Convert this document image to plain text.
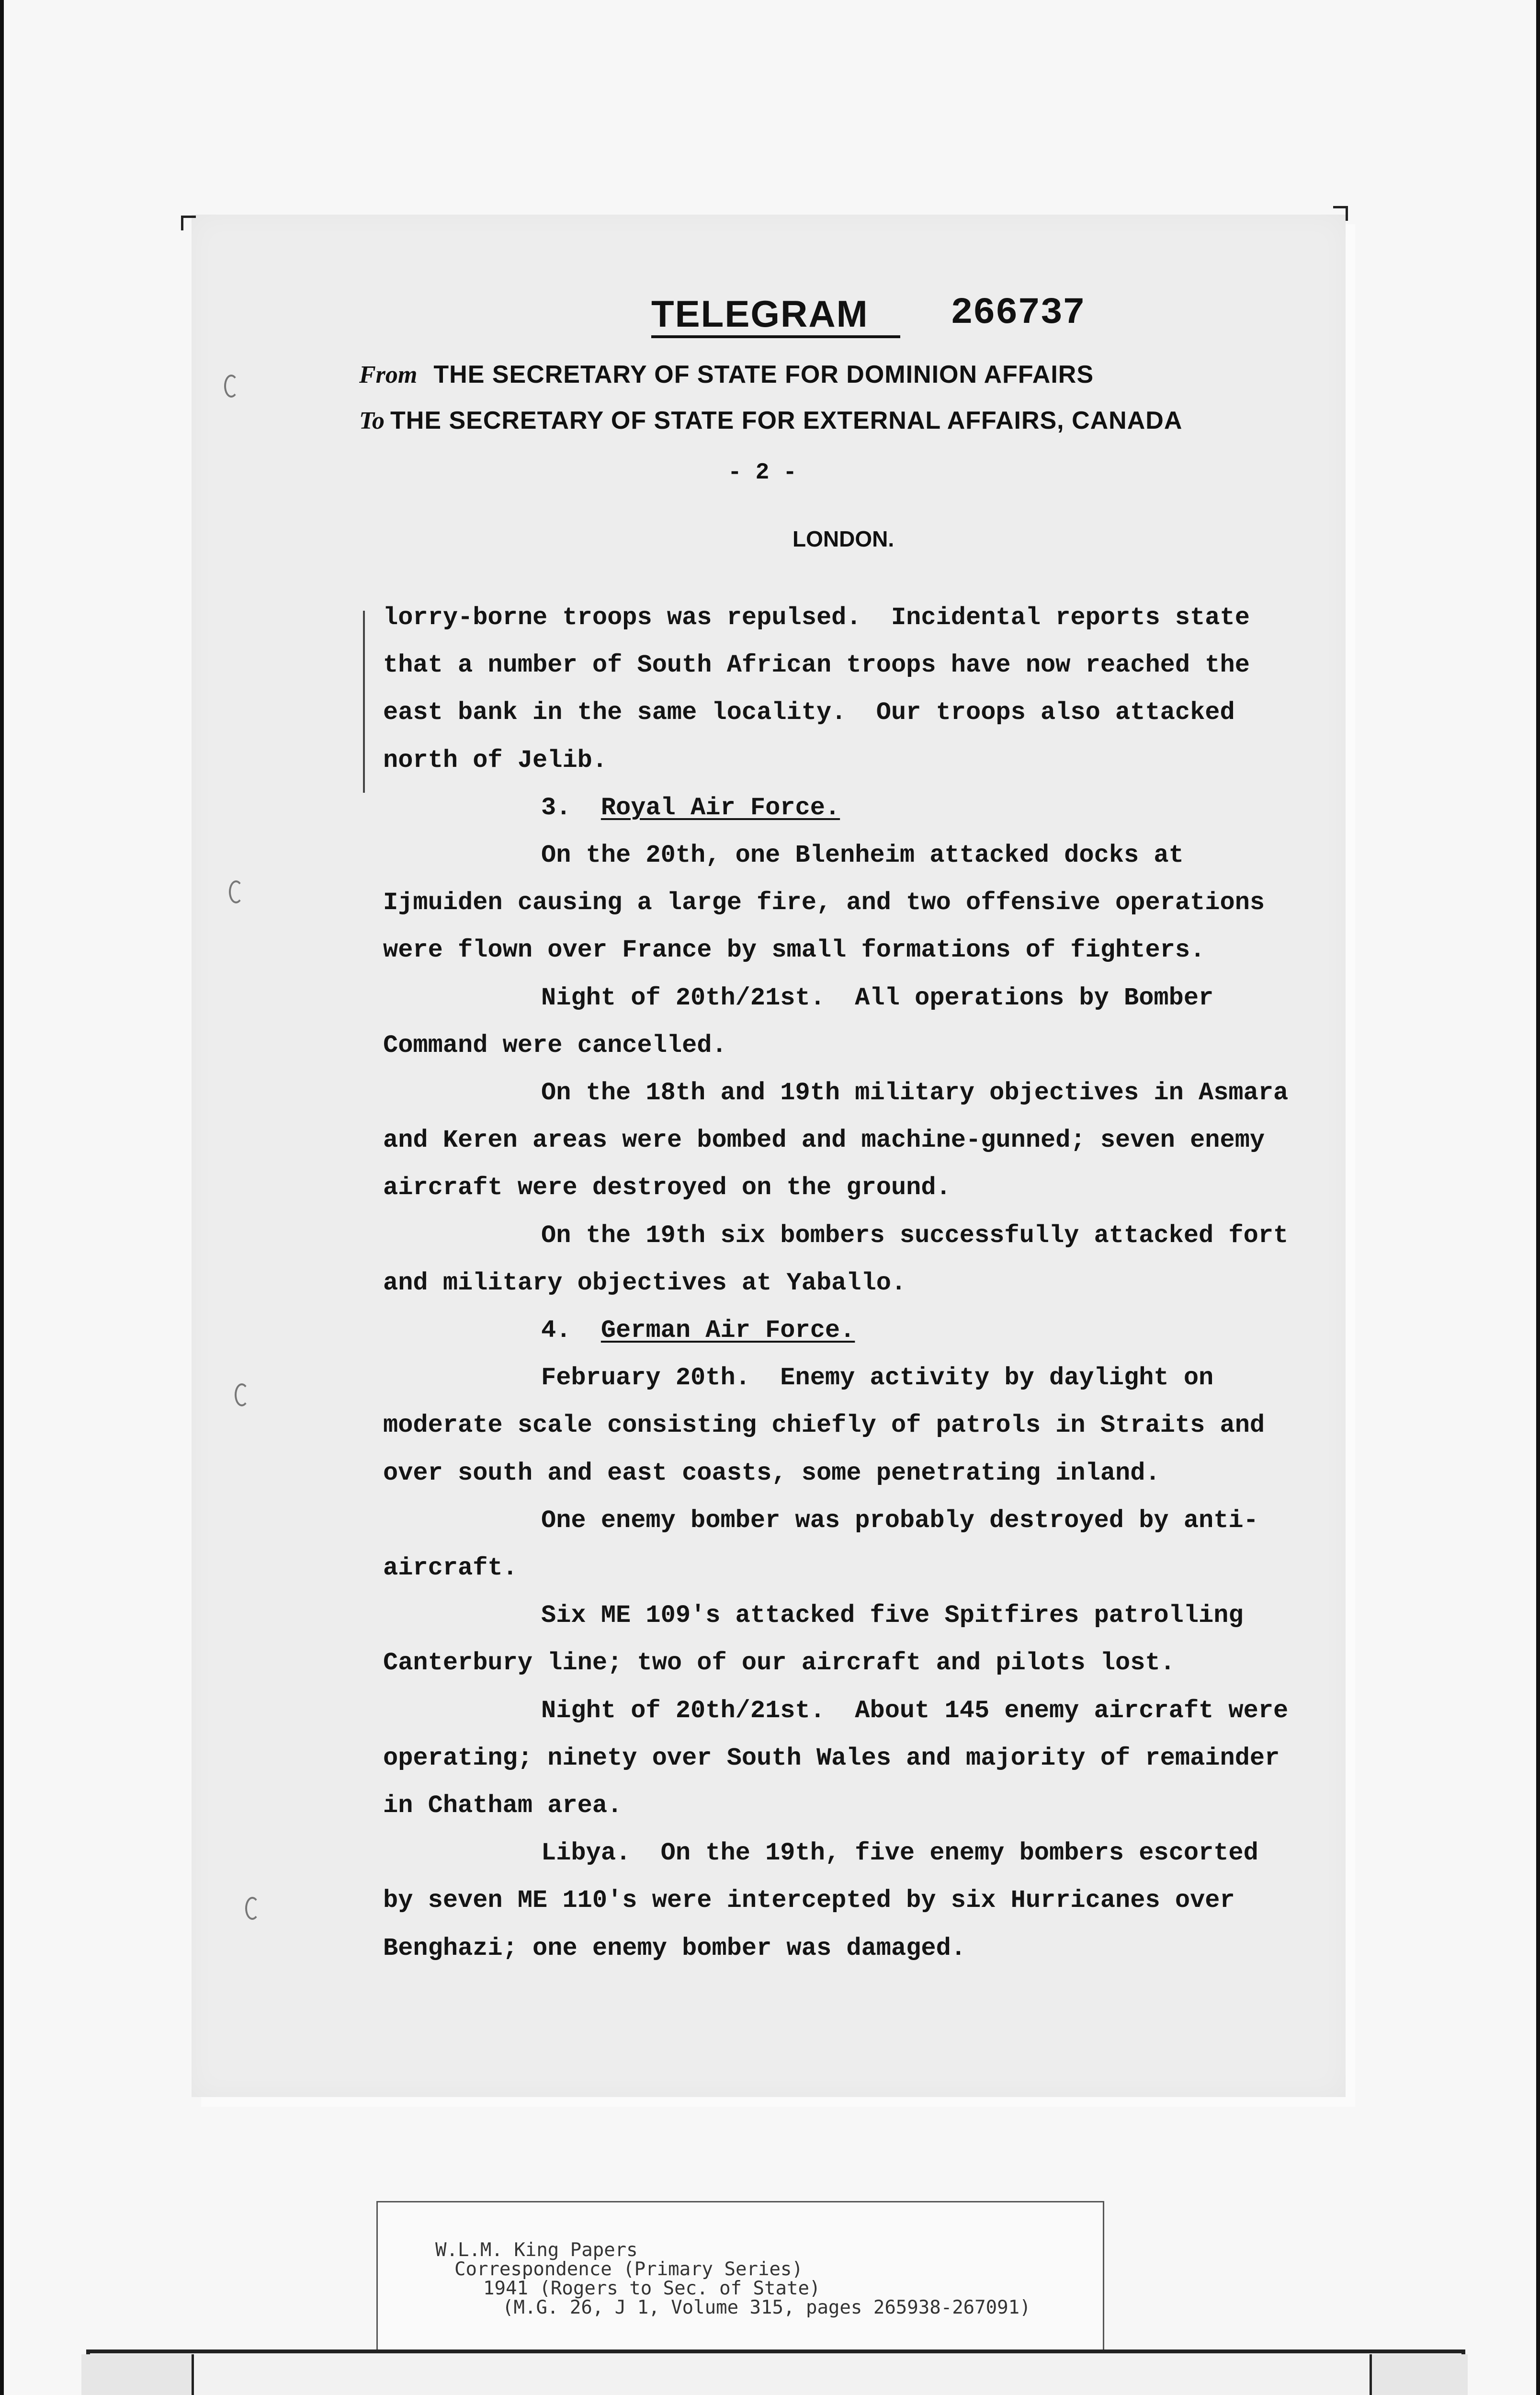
TELEGRAM 266737
From THE SECRETARY OF STATE FOR DOMINION AFFAIRS
To THE SECRETARY OF STATE FOR EXTERNAL AFFAIRS, CANADA
- 2 -
LONDON.

lorry-borne troops was repulsed.  Incidental reports state

that a number of South African troops have now reached the

east bank in the same locality.  Our troops also attacked

north of Jelib.

3. Royal Air Force.

On the 20th, one Blenheim attacked docks at

Ijmuiden causing a large fire, and two offensive operations

were flown over France by small formations of fighters.

Night of 20th/21st.  All operations by Bomber

Command were cancelled.

On the 18th and 19th military objectives in Asmara

and Keren areas were bombed and machine-gunned; seven enemy

aircraft were destroyed on the ground.

On the 19th six bombers successfully attacked fort

and military objectives at Yaballo.

4. German Air Force.

February 20th.  Enemy activity by daylight on

moderate scale consisting chiefly of patrols in Straits and

over south and east coasts, some penetrating inland.

One enemy bomber was probably destroyed by anti-

aircraft.

Six ME 109's attacked five Spitfires patrolling

Canterbury line; two of our aircraft and pilots lost.

Night of 20th/21st.  About 145 enemy aircraft were

operating; ninety over South Wales and majority of remainder

in Chatham area.

Libya.  On the 19th, five enemy bombers escorted

by seven ME 110's were intercepted by six Hurricanes over

Benghazi; one enemy bomber was damaged.

W.L.M. King Papers

Correspondence (Primary Series)

1941 (Rogers to Sec. of State)

(M.G. 26, J 1, Volume 315, pages 265938-267091)
